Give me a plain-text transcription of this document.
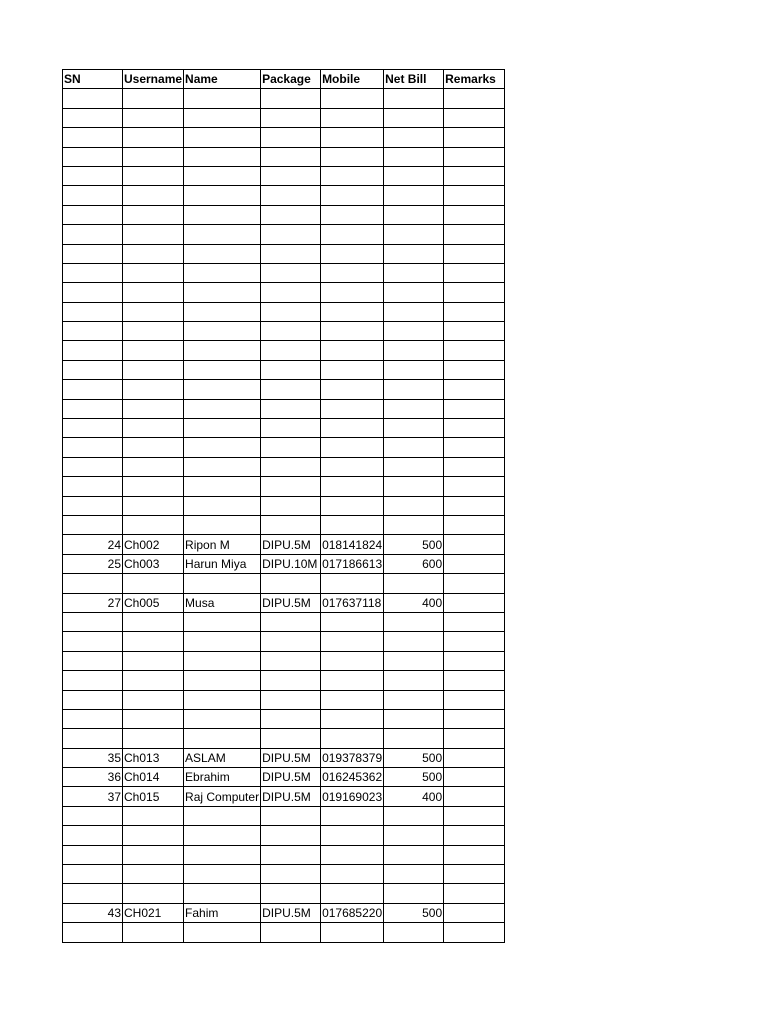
SN	Username	Name	Package	Mobile	Net Bill	Remarks

24	Ch002	Ripon M	DIPU.5M	018141824	500	
25	Ch003	Harun Miya	DIPU.10M	017186613	600	

27	Ch005	Musa	DIPU.5M	017637118	400	

35	Ch013	ASLAM	DIPU.5M	019378379	500	
36	Ch014	Ebrahim	DIPU.5M	016245362	500	
37	Ch015	Raj Computer	DIPU.5M	019169023	400	

43	CH021	Fahim	DIPU.5M	017685220	500	
